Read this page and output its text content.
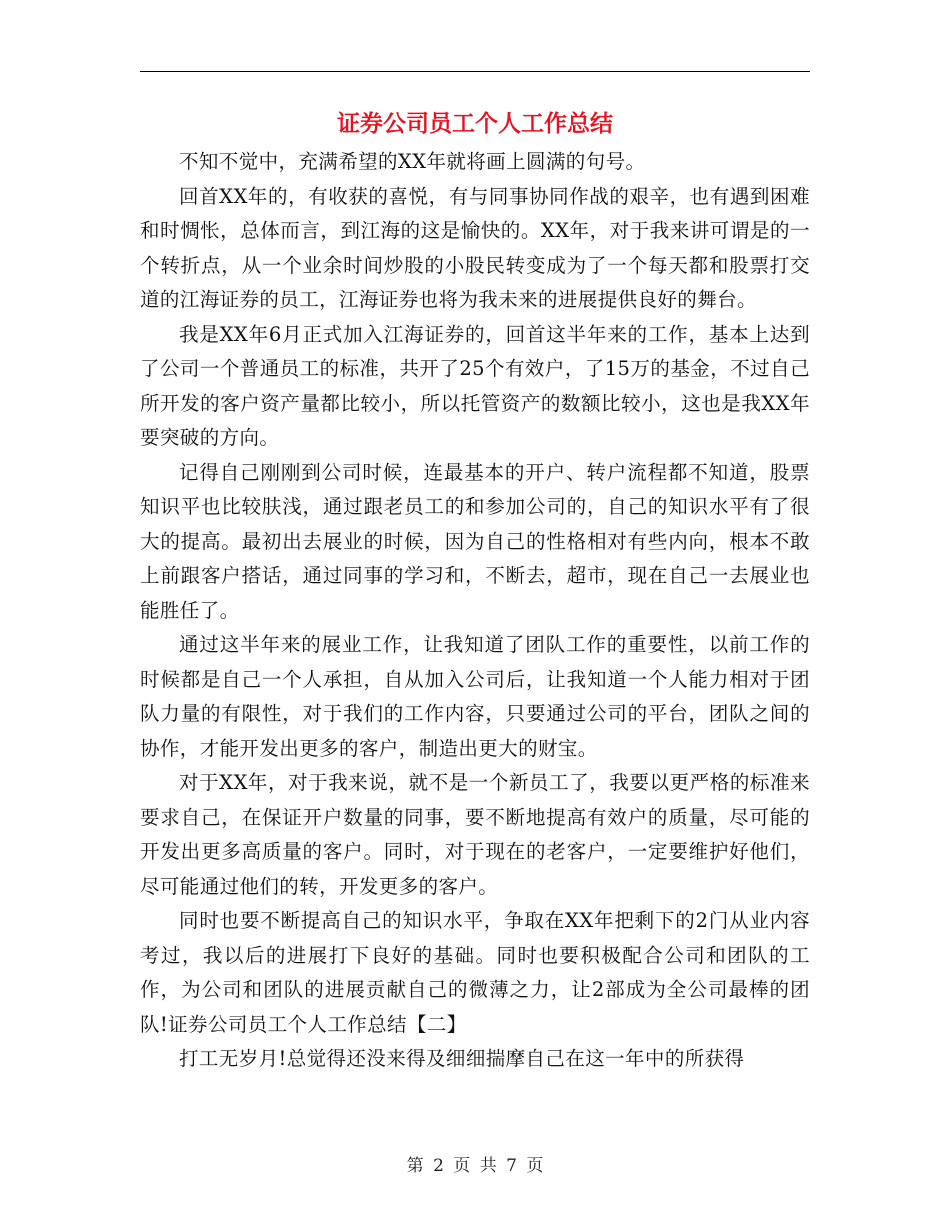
证券公司员工个人工作总结

不知不觉中，充满希望的XX年就将画上圆满的句号。

回首XX年的，有收获的喜悦，有与同事协同作战的艰辛，也有遇到困难和时惆怅，总体而言，到江海的这是愉快的。XX年，对于我来讲可谓是的一个转折点，从一个业余时间炒股的小股民转变成为了一个每天都和股票打交道的江海证券的员工，江海证券也将为我未来的进展提供良好的舞台。

我是XX年6月正式加入江海证券的，回首这半年来的工作，基本上达到了公司一个普通员工的标准，共开了25个有效户，了15万的基金，不过自己所开发的客户资产量都比较小，所以托管资产的数额比较小，这也是我XX年要突破的方向。

记得自己刚刚到公司时候，连最基本的开户、转户流程都不知道，股票知识平也比较肤浅，通过跟老员工的和参加公司的，自己的知识水平有了很大的提高。最初出去展业的时候，因为自己的性格相对有些内向，根本不敢上前跟客户搭话，通过同事的学习和，不断去，超市，现在自己一去展业也能胜任了。

通过这半年来的展业工作，让我知道了团队工作的重要性，以前工作的时候都是自己一个人承担，自从加入公司后，让我知道一个人能力相对于团队力量的有限性，对于我们的工作内容，只要通过公司的平台，团队之间的协作，才能开发出更多的客户，制造出更大的财宝。

对于XX年，对于我来说，就不是一个新员工了，我要以更严格的标准来要求自己，在保证开户数量的同事，要不断地提高有效户的质量，尽可能的开发出更多高质量的客户。同时，对于现在的老客户，一定要维护好他们，尽可能通过他们的转，开发更多的客户。

同时也要不断提高自己的知识水平，争取在XX年把剩下的2门从业内容考过，我以后的进展打下良好的基础。同时也要积极配合公司和团队的工作，为公司和团队的进展贡献自己的微薄之力，让2部成为全公司最棒的团队!证券公司员工个人工作总结【二】

打工无岁月!总觉得还没来得及细细揣摩自己在这一年中的所获得

第 2 页 共 7 页
